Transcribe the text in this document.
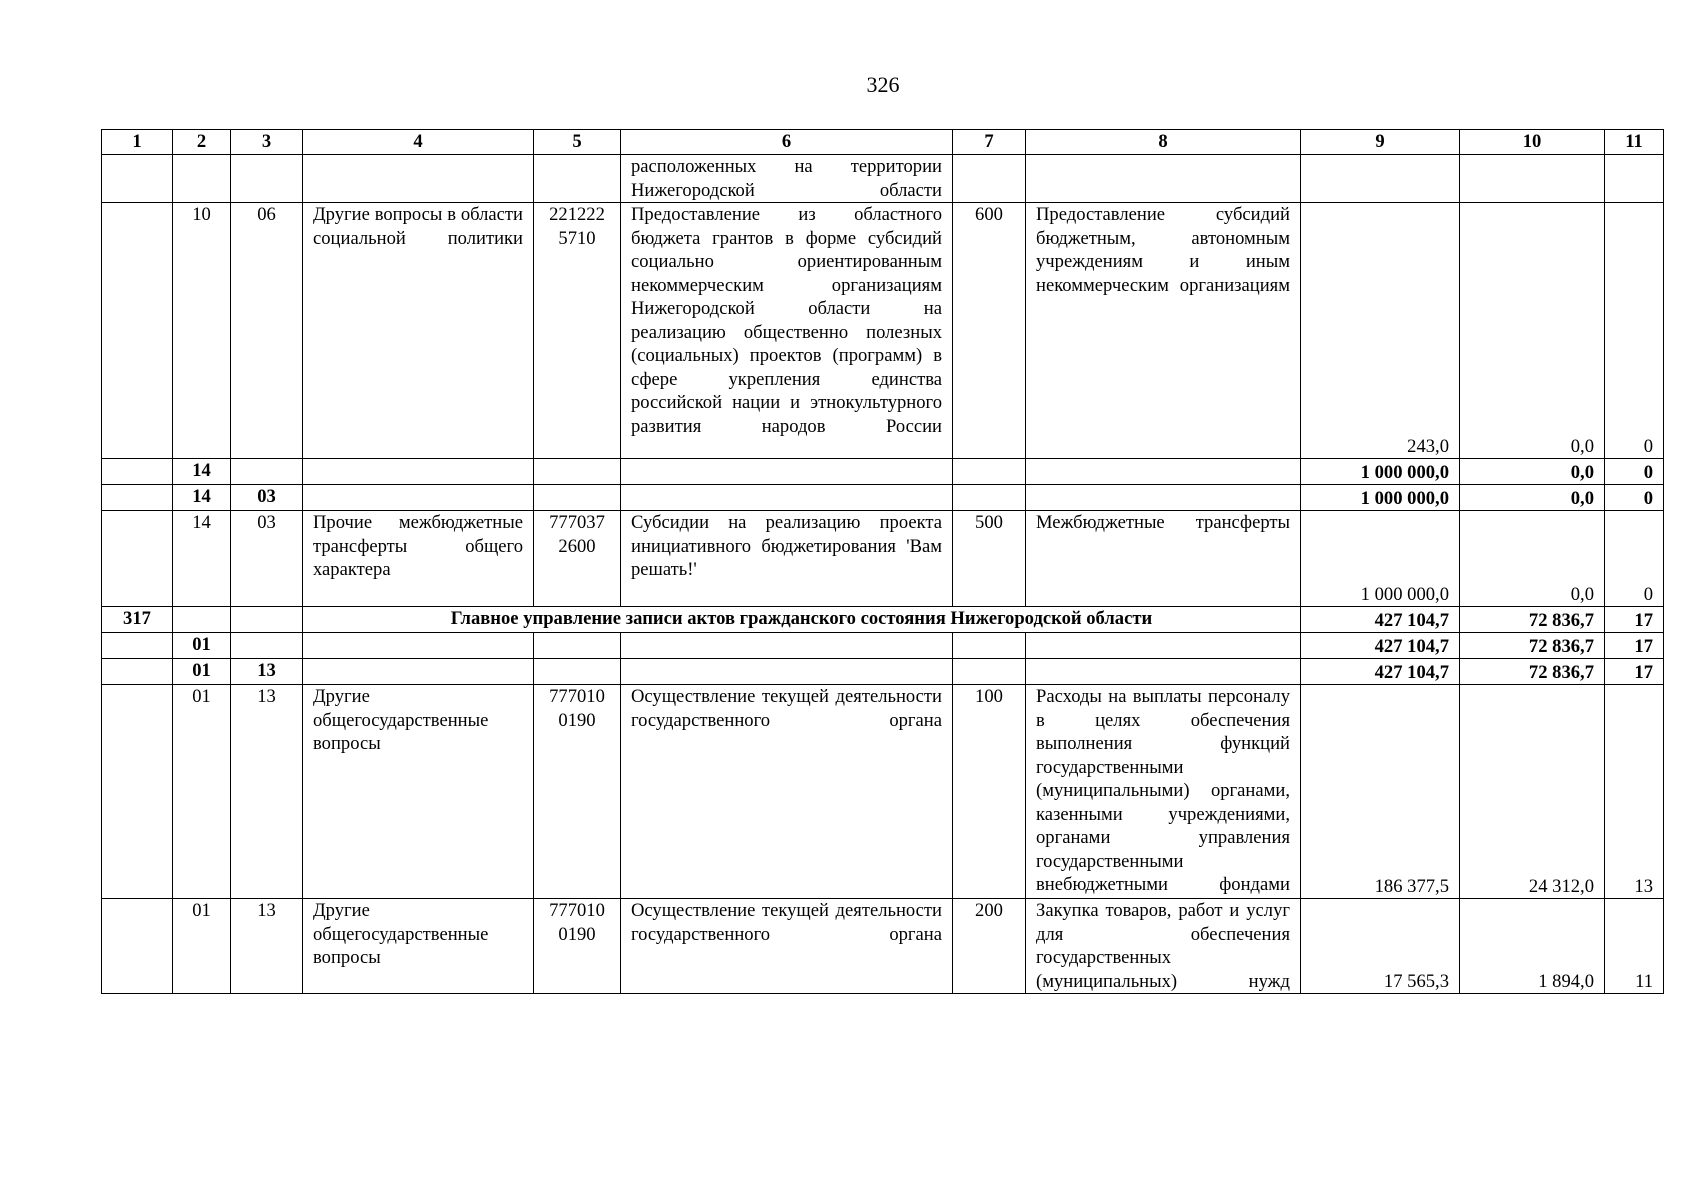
326
1	2	3	4	5	6	7	8	9	10	11
					расположенных на территории Нижегородской области					
	10	06	Другие вопросы в области социальной политики	221222 5710	Предоставление из областного бюджета грантов в форме субсидий социально ориентированным некоммерческим организациям Нижегородской области на реализацию общественно полезных (социальных) проектов (программ) в сфере укрепления единства российской нации и этнокультурного развития народов России	600	Предоставление субсидий бюджетным, автономным учреждениям и иным некоммерческим организациям	243,0	0,0	0
	14							1 000 000,0	0,0	0
	14	03						1 000 000,0	0,0	0
	14	03	Прочие межбюджетные трансферты общего характера	777037 2600	Субсидии на реализацию проекта инициативного бюджетирования 'Вам решать!'	500	Межбюджетные трансферты	1 000 000,0	0,0	0
317			Главное управление записи актов гражданского состояния Нижегородской области					427 104,7	72 836,7	17
	01							427 104,7	72 836,7	17
	01	13						427 104,7	72 836,7	17
	01	13	Другие общегосударственные вопросы	777010 0190	Осуществление текущей деятельности государственного органа	100	Расходы на выплаты персоналу в целях обеспечения выполнения функций государственными (муниципальными) органами, казенными учреждениями, органами управления государственными внебюджетными фондами	186 377,5	24 312,0	13
	01	13	Другие общегосударственные вопросы	777010 0190	Осуществление текущей деятельности государственного органа	200	Закупка товаров, работ и услуг для обеспечения государственных (муниципальных) нужд	17 565,3	1 894,0	11
